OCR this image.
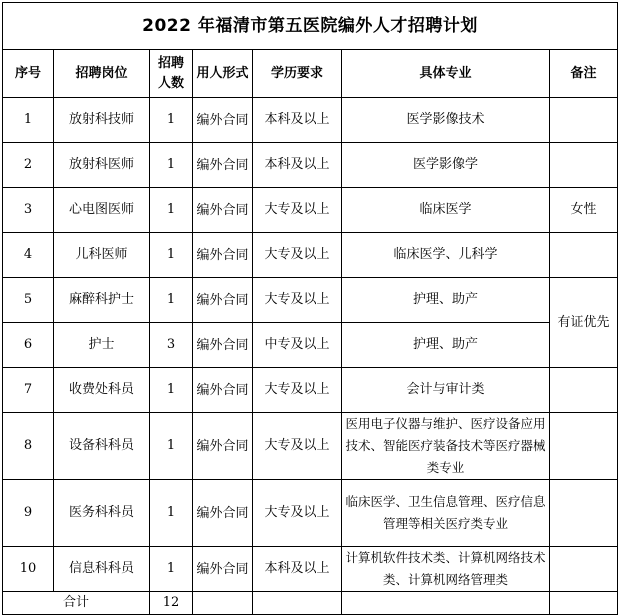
2022 年福清市第五医院编外人才招聘计划						
序号	招聘岗位	招聘人数	用人形式	学历要求	具体专业	备注
1	放射科技师	1	编外合同	本科及以上	医学影像技术	
2	放射科医师	1	编外合同	本科及以上	医学影像学	
3	心电图医师	1	编外合同	大专及以上	临床医学	女性
4	儿科医师	1	编外合同	大专及以上	临床医学、儿科学	
5	麻醉科护士	1	编外合同	大专及以上	护理、助产	有证优先
6	护士	3	编外合同	中专及以上	护理、助产	
7	收费处科员	1	编外合同	大专及以上	会计与审计类	
8	设备科科员	1	编外合同	大专及以上	医用电子仪器与维护、医疗设备应用技术、智能医疗装备技术等医疗器械类专业	
9	医务科科员	1	编外合同	大专及以上	临床医学、卫生信息管理、医疗信息管理等相关医疗类专业	
10	信息科科员	1	编外合同	本科及以上	计算机软件技术类、计算机网络技术类、计算机网络管理类	
合计		12				
